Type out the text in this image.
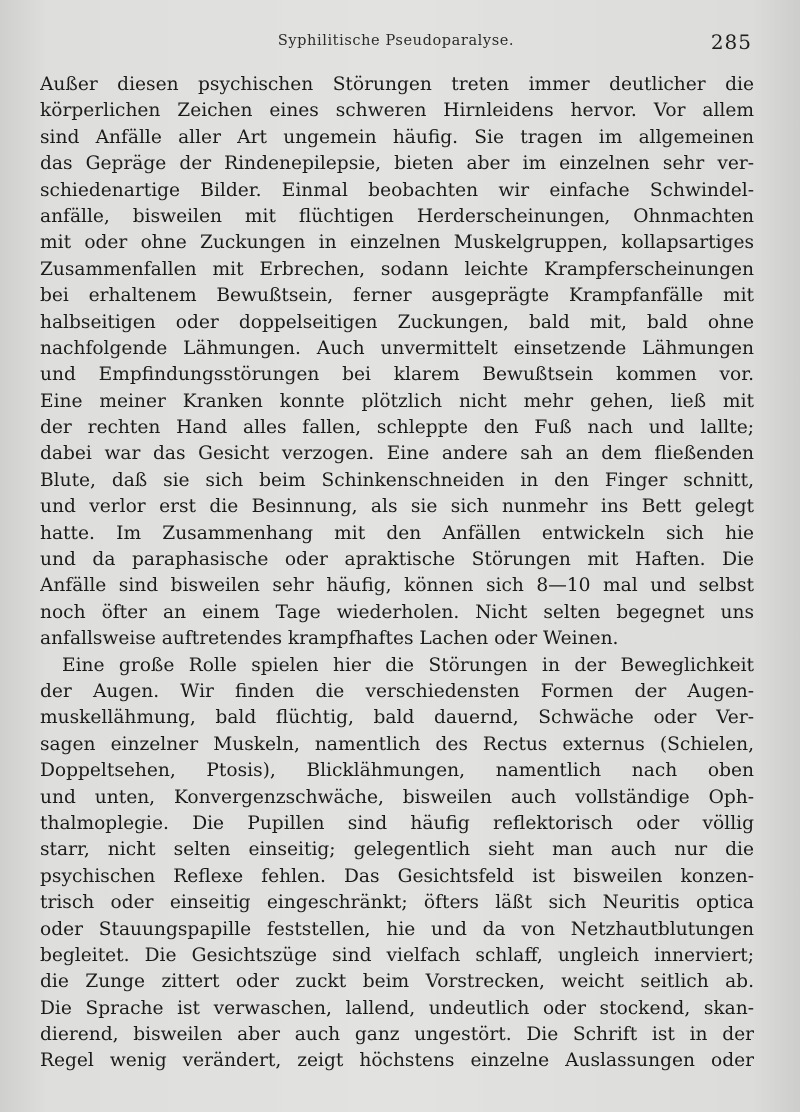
Syphilitische Pseudoparalyse.	285
Außer diesen psychischen Störungen treten immer deutlicher die
körperlichen Zeichen eines schweren Hirnleidens hervor. Vor allem
sind Anfälle aller Art ungemein häufig. Sie tragen im allgemeinen
das Gepräge der Rindenepilepsie, bieten aber im einzelnen sehr ver-
schiedenartige Bilder. Einmal beobachten wir einfache Schwindel-
anfälle, bisweilen mit flüchtigen Herderscheinungen, Ohnmachten
mit oder ohne Zuckungen in einzelnen Muskelgruppen, kollapsartiges
Zusammenfallen mit Erbrechen, sodann leichte Krampferscheinungen
bei erhaltenem Bewußtsein, ferner ausgeprägte Krampfanfälle mit
halbseitigen oder doppelseitigen Zuckungen, bald mit, bald ohne
nachfolgende Lähmungen. Auch unvermittelt einsetzende Lähmungen
und Empfindungsstörungen bei klarem Bewußtsein kommen vor.
Eine meiner Kranken konnte plötzlich nicht mehr gehen, ließ mit
der rechten Hand alles fallen, schleppte den Fuß nach und lallte;
dabei war das Gesicht verzogen. Eine andere sah an dem fließenden
Blute, daß sie sich beim Schinkenschneiden in den Finger schnitt,
und verlor erst die Besinnung, als sie sich nunmehr ins Bett gelegt
hatte. Im Zusammenhang mit den Anfällen entwickeln sich hie
und da paraphasische oder apraktische Störungen mit Haften. Die
Anfälle sind bisweilen sehr häufig, können sich 8—10 mal und selbst
noch öfter an einem Tage wiederholen. Nicht selten begegnet uns
anfallsweise auftretendes krampfhaftes Lachen oder Weinen.
Eine große Rolle spielen hier die Störungen in der Beweglichkeit
der Augen. Wir finden die verschiedensten Formen der Augen-
muskellähmung, bald flüchtig, bald dauernd, Schwäche oder Ver-
sagen einzelner Muskeln, namentlich des Rectus externus (Schielen,
Doppeltsehen, Ptosis), Blicklähmungen, namentlich nach oben
und unten, Konvergenzschwäche, bisweilen auch vollständige Oph-
thalmoplegie. Die Pupillen sind häufig reflektorisch oder völlig
starr, nicht selten einseitig; gelegentlich sieht man auch nur die
psychischen Reflexe fehlen. Das Gesichtsfeld ist bisweilen konzen-
trisch oder einseitig eingeschränkt; öfters läßt sich Neuritis optica
oder Stauungspapille feststellen, hie und da von Netzhautblutungen
begleitet. Die Gesichtszüge sind vielfach schlaff, ungleich innerviert;
die Zunge zittert oder zuckt beim Vorstrecken, weicht seitlich ab.
Die Sprache ist verwaschen, lallend, undeutlich oder stockend, skan-
dierend, bisweilen aber auch ganz ungestört. Die Schrift ist in der
Regel wenig verändert, zeigt höchstens einzelne Auslassungen oder
